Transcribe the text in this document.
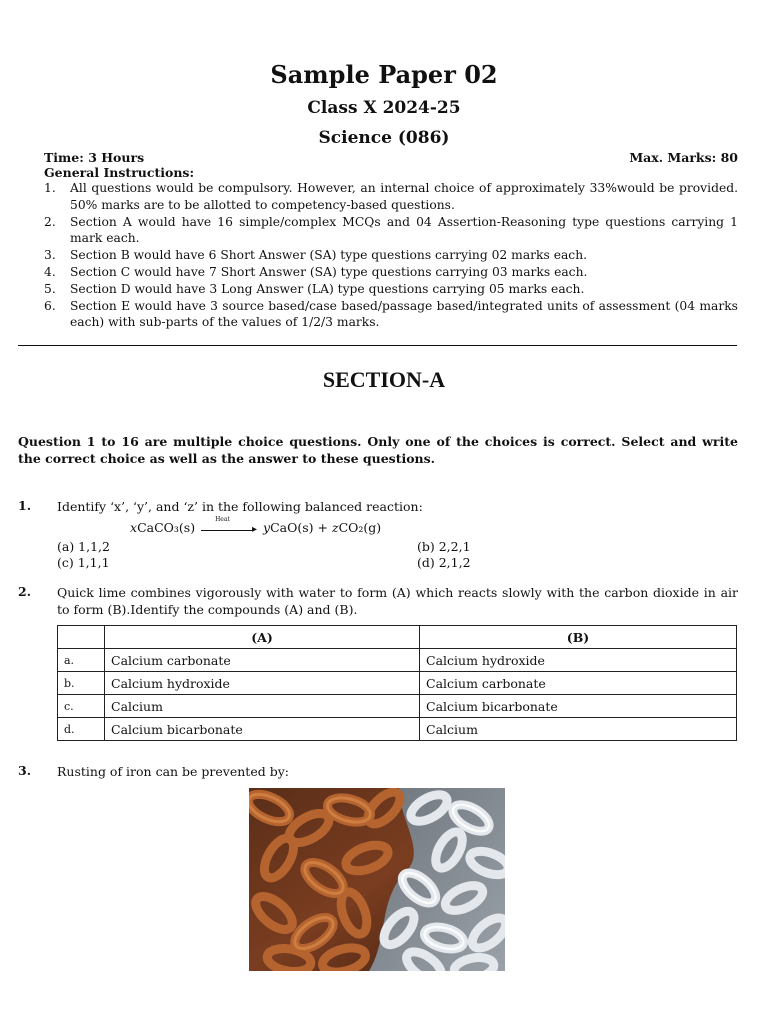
Sample Paper 02
Class X 2024-25
Science (086)
Time: 3 Hours	Max. Marks: 80
General Instructions:
1. All questions would be compulsory. However, an internal choice of approximately 33%would be provided. 50% marks are to be allotted to competency-based questions.
2. Section A would have 16 simple/complex MCQs and 04 Assertion-Reasoning type questions carrying 1 mark each.
3. Section B would have 6 Short Answer (SA) type questions carrying 02 marks each.
4. Section C would have 7 Short Answer (SA) type questions carrying 03 marks each.
5. Section D would have 3 Long Answer (LA) type questions carrying 05 marks each.
6. Section E would have 3 source based/case based/passage based/integrated units of assessment (04 marks each) with sub-parts of the values of 1/2/3 marks.
SECTION-A
Question 1 to 16 are multiple choice questions. Only one of the choices is correct. Select and write the correct choice as well as the answer to these questions.
1. Identify ‘x’, ‘y’, and ‘z’ in the following balanced reaction:
xCaCO₃(s)
Heat
▸ yCaO(s) + zCO₂(g)
(a) 1,1,2	(b) 2,2,1
(c) 1,1,1	(d) 2,1,2
2. Quick lime combines vigorously with water to form (A) which reacts slowly with the carbon dioxide in air to form (B).Identify the compounds (A) and (B).
	(A)	(B)
a.	Calcium carbonate	Calcium hydroxide
b.	Calcium hydroxide	Calcium carbonate
c.	Calcium	Calcium bicarbonate
d.	Calcium bicarbonate	Calcium
3. Rusting of iron can be prevented by:
